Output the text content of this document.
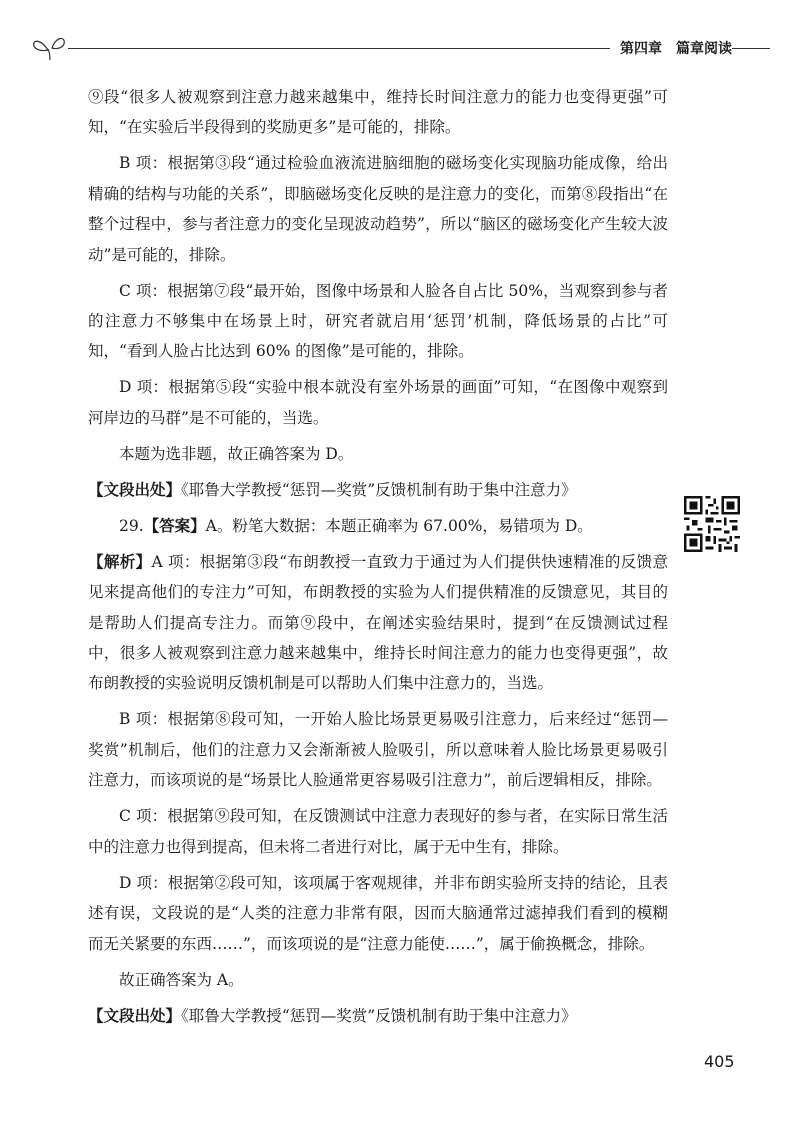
第四章 篇章阅读

⑨段“很多人被观察到注意力越来越集中，维持长时间注意力的能力也变得更强”可知，“在实验后半段得到的奖励更多”是可能的，排除。

B 项：根据第③段“通过检验血液流进脑细胞的磁场变化实现脑功能成像，给出精确的结构与功能的关系”，即脑磁场变化反映的是注意力的变化，而第⑧段指出“在整个过程中，参与者注意力的变化呈现波动趋势”，所以“脑区的磁场变化产生较大波动”是可能的，排除。

C 项：根据第⑦段“最开始，图像中场景和人脸各自占比 50%，当观察到参与者的注意力不够集中在场景上时，研究者就启用‘惩罚’机制，降低场景的占比”可知，“看到人脸占比达到 60% 的图像”是可能的，排除。

D 项：根据第⑤段“实验中根本就没有室外场景的画面”可知，“在图像中观察到河岸边的马群”是不可能的，当选。

本题为选非题，故正确答案为 D。

【文段出处】《耶鲁大学教授“惩罚—奖赏”反馈机制有助于集中注意力》

29.【答案】A。粉笔大数据：本题正确率为 67.00%，易错项为 D。

【解析】A 项：根据第③段“布朗教授一直致力于通过为人们提供快速精准的反馈意见来提高他们的专注力”可知，布朗教授的实验为人们提供精准的反馈意见，其目的是帮助人们提高专注力。而第⑨段中，在阐述实验结果时，提到“在反馈测试过程中，很多人被观察到注意力越来越集中，维持长时间注意力的能力也变得更强”，故布朗教授的实验说明反馈机制是可以帮助人们集中注意力的，当选。

B 项：根据第⑧段可知，一开始人脸比场景更易吸引注意力，后来经过“惩罚—奖赏”机制后，他们的注意力又会渐渐被人脸吸引，所以意味着人脸比场景更易吸引注意力，而该项说的是“场景比人脸通常更容易吸引注意力”，前后逻辑相反，排除。

C 项：根据第⑨段可知，在反馈测试中注意力表现好的参与者，在实际日常生活中的注意力也得到提高，但未将二者进行对比，属于无中生有，排除。

D 项：根据第②段可知，该项属于客观规律，并非布朗实验所支持的结论，且表述有误，文段说的是“人类的注意力非常有限，因而大脑通常过滤掉我们看到的模糊而无关紧要的东西……”，而该项说的是“注意力能使……”，属于偷换概念，排除。

故正确答案为 A。

【文段出处】《耶鲁大学教授“惩罚—奖赏”反馈机制有助于集中注意力》

405
